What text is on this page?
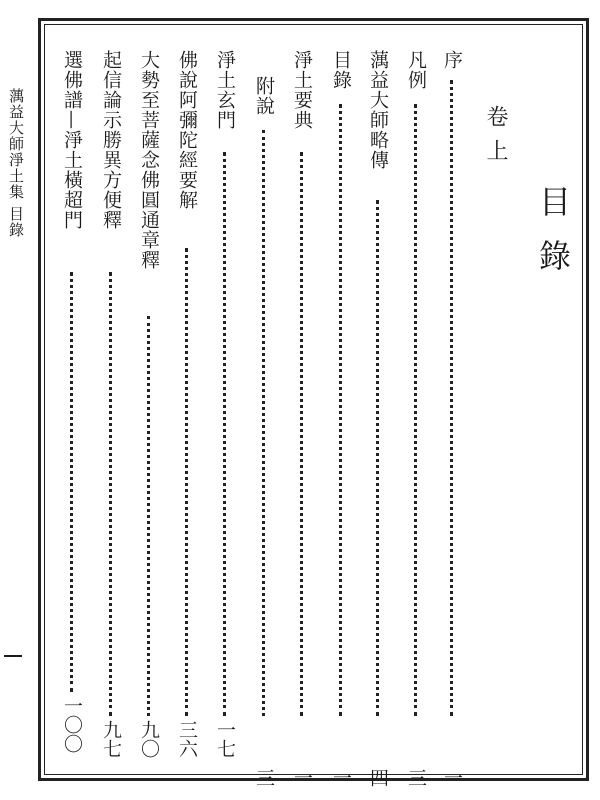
蕅益大師淨土集 目錄
目錄
卷上
序
一
凡例
三
蕅益大師略傳
四
目錄
一
淨土要典
一
附說
三
淨土玄門
一七
佛說阿彌陀經要解
三六
大勢至菩薩念佛圓通章釋
九〇
起信論示勝異方便釋
九七
選佛譜—淨土橫超門
一〇〇
